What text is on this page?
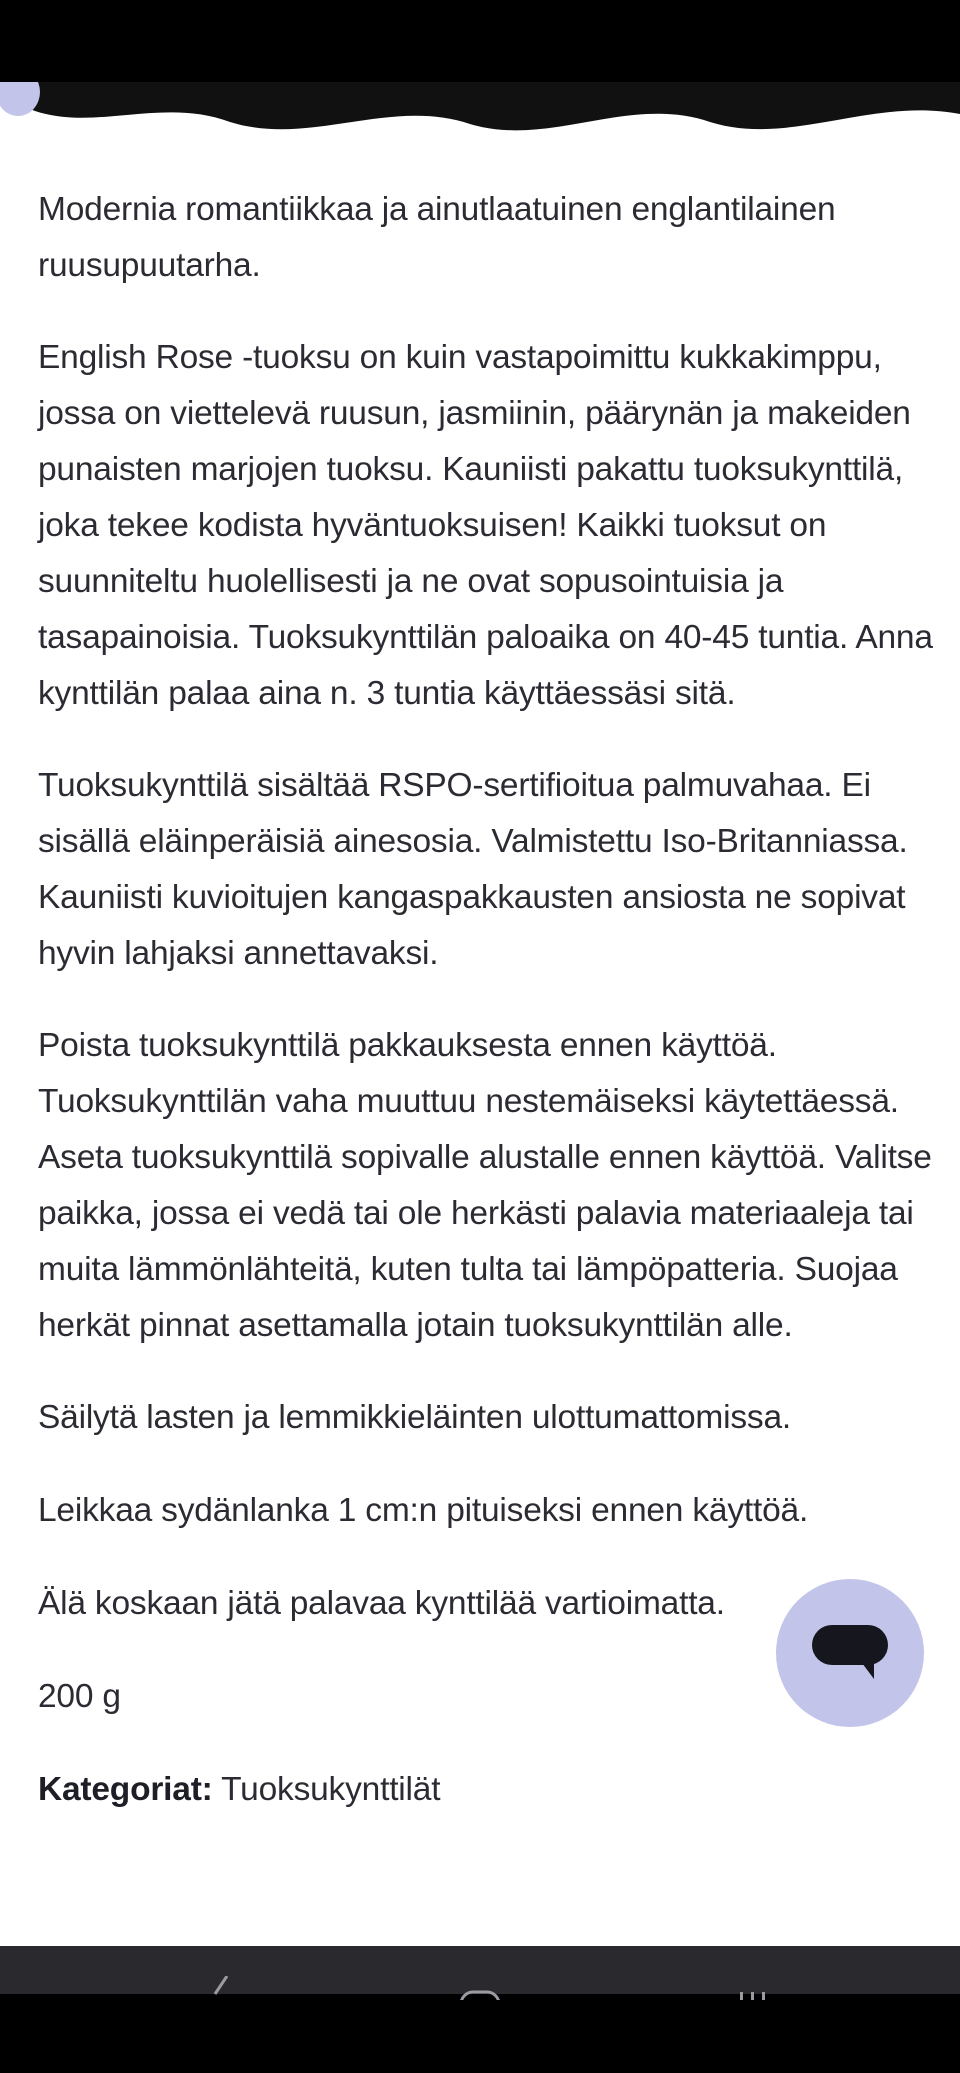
Modernia romantiikkaa ja ainutlaatuinen englantilainen ruusupuutarha.

English Rose -tuoksu on kuin vastapoimittu kukkakimppu, jossa on viettelevä ruusun, jasmiinin, päärynän ja makeiden punaisten marjojen tuoksu. Kauniisti pakattu tuoksukynttilä, joka tekee kodista hyväntuoksuisen! Kaikki tuoksut on suunniteltu huolellisesti ja ne ovat sopusointuisia ja tasapainoisia. Tuoksukynttilän paloaika on 40-45 tuntia. Anna kynttilän palaa aina n. 3 tuntia käyttäessäsi sitä.

Tuoksukynttilä sisältää RSPO-sertifioitua palmuvahaa. Ei sisällä eläinperäisiä ainesosia. Valmistettu Iso-Britanniassa. Kauniisti kuvioitujen kangaspakkausten ansiosta ne sopivat hyvin lahjaksi annettavaksi.

Poista tuoksukynttilä pakkauksesta ennen käyttöä. Tuoksukynttilän vaha muuttuu nestemäiseksi käytettäessä. Aseta tuoksukynttilä sopivalle alustalle ennen käyttöä. Valitse paikka, jossa ei vedä tai ole herkästi palavia materiaaleja tai muita lämmönlähteitä, kuten tulta tai lämpöpatteria. Suojaa herkät pinnat asettamalla jotain tuoksukynttilän alle.

Säilytä lasten ja lemmikkieläinten ulottumattomissa.

Leikkaa sydänlanka 1 cm:n pituiseksi ennen käyttöä.

Älä koskaan jätä palavaa kynttilää vartioimatta.

200 g

Kategoriat: Tuoksukynttilät
